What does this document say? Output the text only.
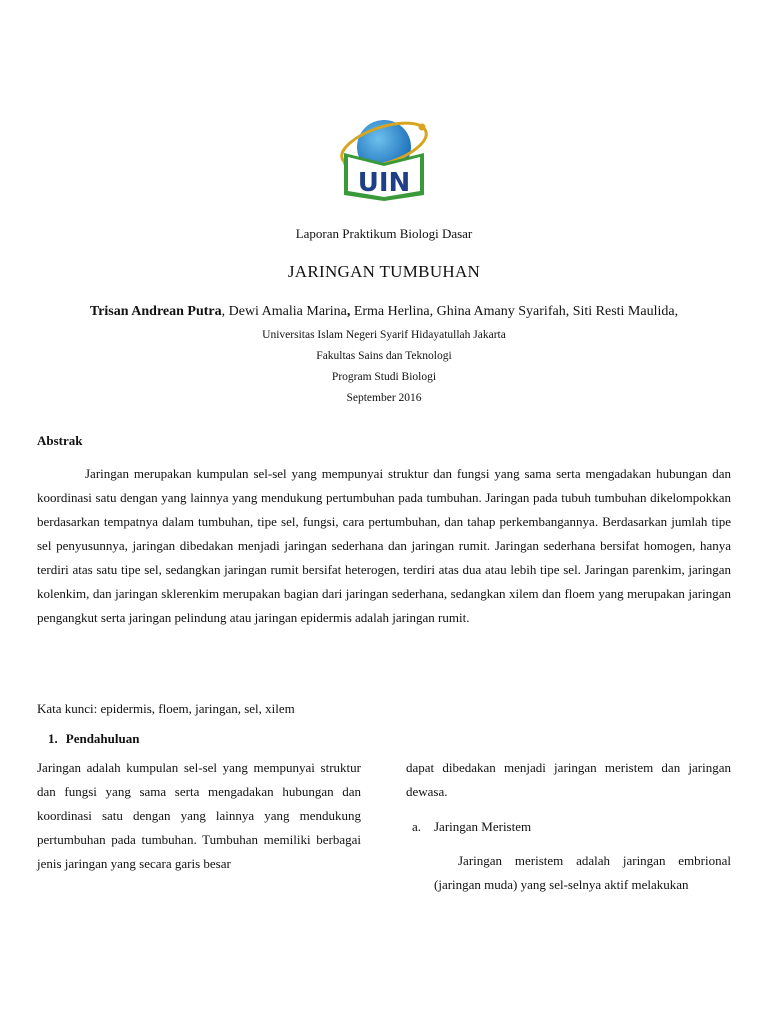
UIN
Laporan Praktikum Biologi Dasar
JARINGAN TUMBUHAN
Trisan Andrean Putra, Dewi Amalia Marina, Erma Herlina, Ghina Amany Syarifah, Siti Resti Maulida,
Universitas Islam Negeri Syarif Hidayatullah Jakarta
Fakultas Sains dan Teknologi
Program Studi Biologi
September 2016
Abstrak

Jaringan merupakan kumpulan sel-sel yang mempunyai struktur dan fungsi yang sama serta mengadakan hubungan dan koordinasi satu dengan yang lainnya yang mendukung pertumbuhan pada tumbuhan. Jaringan pada tubuh tumbuhan dikelompokkan berdasarkan tempatnya dalam tumbuhan, tipe sel, fungsi, cara pertumbuhan, dan tahap perkembangannya. Berdasarkan jumlah tipe sel penyusunnya, jaringan dibedakan menjadi jaringan sederhana dan jaringan rumit. Jaringan sederhana bersifat homogen, hanya terdiri atas satu tipe sel, sedangkan jaringan rumit bersifat heterogen, terdiri atas dua atau lebih tipe sel. Jaringan parenkim, jaringan kolenkim, dan jaringan sklerenkim merupakan bagian dari jaringan sederhana, sedangkan xilem dan floem yang merupakan jaringan pengangkut serta jaringan pelindung atau jaringan epidermis adalah jaringan rumit.

Kata kunci: epidermis, floem, jaringan, sel, xilem
1. Pendahuluan

Jaringan adalah kumpulan sel-sel yang mempunyai struktur dan fungsi yang sama serta mengadakan hubungan dan koordinasi satu dengan yang lainnya yang mendukung pertumbuhan pada tumbuhan. Tumbuhan memiliki berbagai jenis jaringan yang secara garis besar

dapat dibedakan menjadi jaringan meristem dan jaringan dewasa.

a. Jaringan Meristem

Jaringan meristem adalah jaringan embrional (jaringan muda) yang sel-selnya aktif melakukan
